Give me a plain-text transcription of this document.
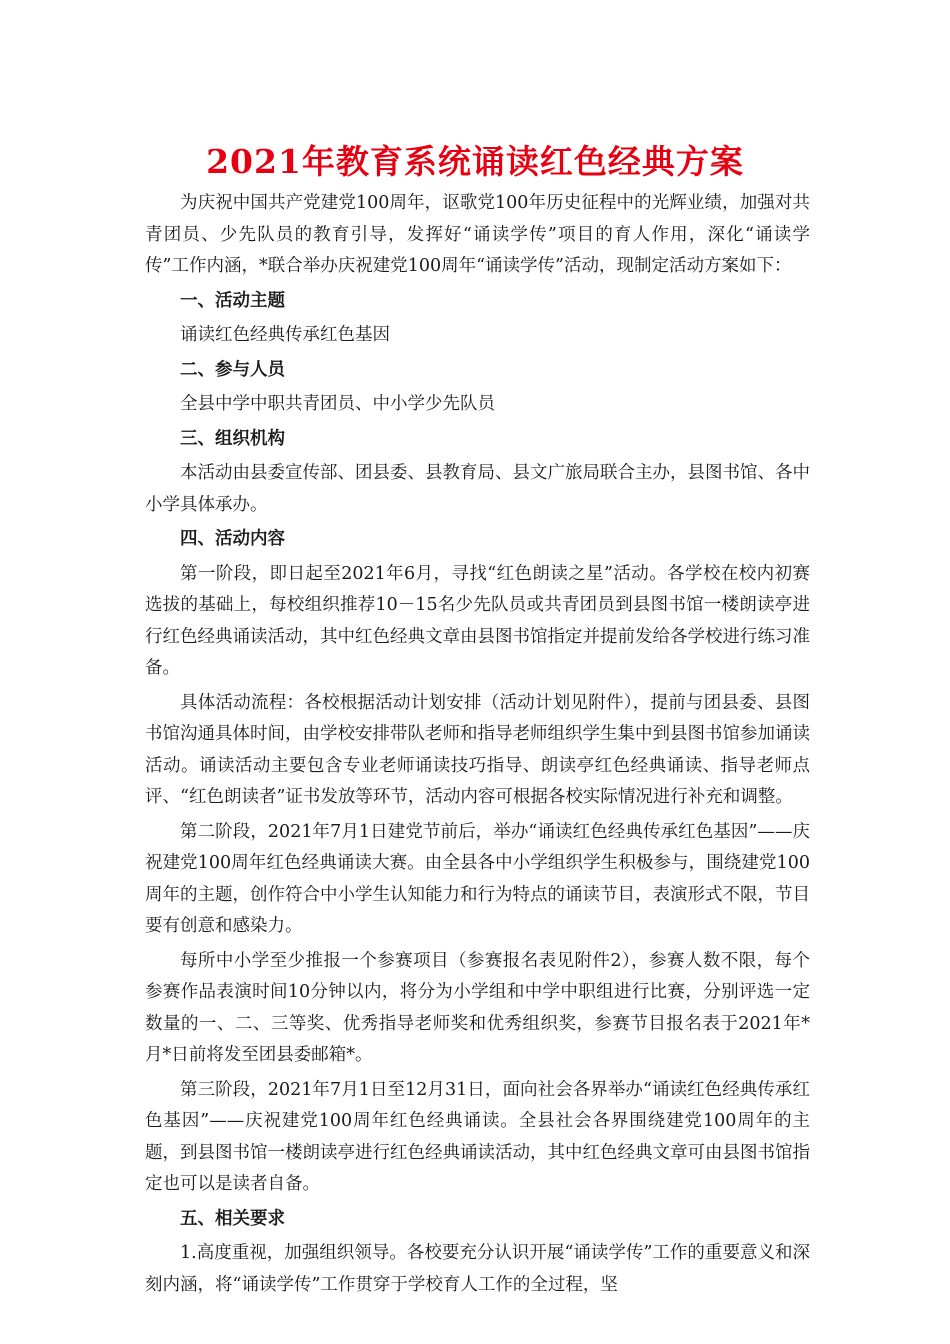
2021年教育系统诵读红色经典方案

为庆祝中国共产党建党100周年，讴歌党100年历史征程中的光辉业绩，加强对共青团员、少先队员的教育引导，发挥好“诵读学传”项目的育人作用，深化“诵读学传”工作内涵，*联合举办庆祝建党100周年“诵读学传”活动，现制定活动方案如下：

一、活动主题

诵读红色经典传承红色基因

二、参与人员

全县中学中职共青团员、中小学少先队员

三、组织机构

本活动由县委宣传部、团县委、县教育局、县文广旅局联合主办，县图书馆、各中小学具体承办。

四、活动内容

第一阶段，即日起至2021年6月，寻找“红色朗读之星”活动。各学校在校内初赛选拔的基础上，每校组织推荐10－15名少先队员或共青团员到县图书馆一楼朗读亭进行红色经典诵读活动，其中红色经典文章由县图书馆指定并提前发给各学校进行练习准备。

具体活动流程：各校根据活动计划安排（活动计划见附件），提前与团县委、县图书馆沟通具体时间，由学校安排带队老师和指导老师组织学生集中到县图书馆参加诵读活动。诵读活动主要包含专业老师诵读技巧指导、朗读亭红色经典诵读、指导老师点评、“红色朗读者”证书发放等环节，活动内容可根据各校实际情况进行补充和调整。

第二阶段，2021年7月1日建党节前后，举办“诵读红色经典传承红色基因”——庆祝建党100周年红色经典诵读大赛。由全县各中小学组织学生积极参与，围绕建党100周年的主题，创作符合中小学生认知能力和行为特点的诵读节目，表演形式不限，节目要有创意和感染力。

每所中小学至少推报一个参赛项目（参赛报名表见附件2），参赛人数不限，每个参赛作品表演时间10分钟以内，将分为小学组和中学中职组进行比赛，分别评选一定数量的一、二、三等奖、优秀指导老师奖和优秀组织奖，参赛节目报名表于2021年*月*日前将发至团县委邮箱*。

第三阶段，2021年7月1日至12月31日，面向社会各界举办“诵读红色经典传承红色基因”——庆祝建党100周年红色经典诵读。全县社会各界围绕建党100周年的主题，到县图书馆一楼朗读亭进行红色经典诵读活动，其中红色经典文章可由县图书馆指定也可以是读者自备。

五、相关要求

1.高度重视，加强组织领导。各校要充分认识开展“诵读学传”工作的重要意义和深刻内涵，将“诵读学传”工作贯穿于学校育人工作的全过程，坚
